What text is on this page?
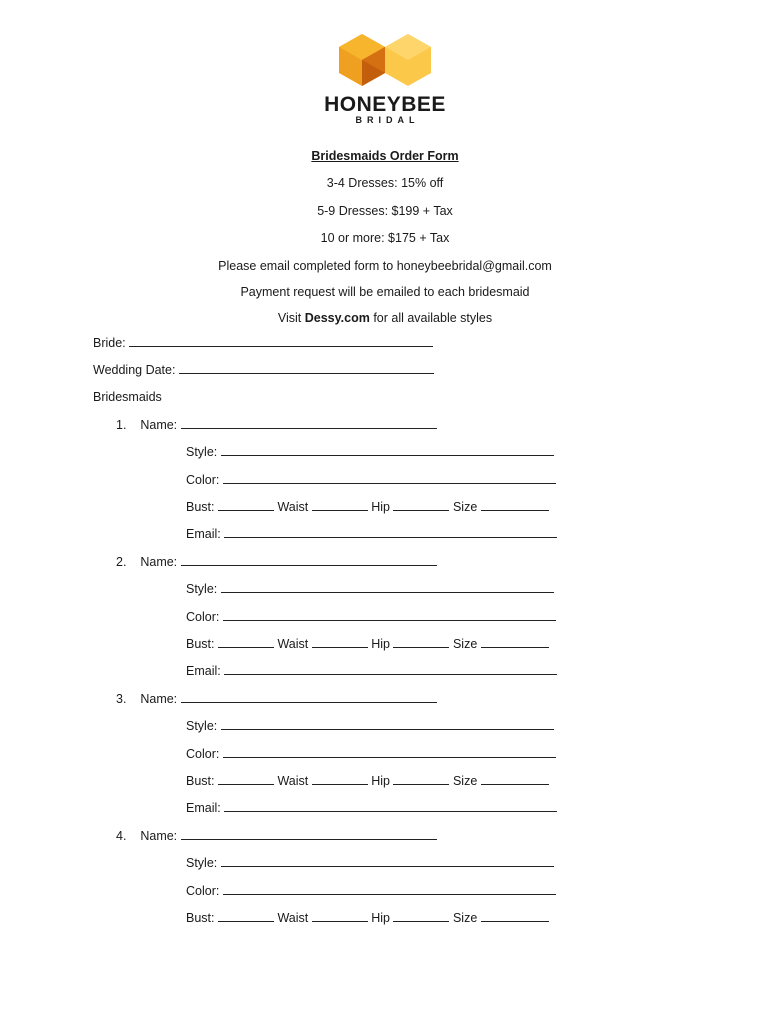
HONEYBEE
BRIDAL
Bridesmaids Order Form
3-4 Dresses: 15% off
5-9 Dresses: $199 + Tax
10 or more: $175 + Tax
Please email completed form to honeybeebridal@gmail.com
Payment request will be emailed to each bridesmaid
Visit Dessy.com for all available styles
Bride:
Wedding Date:
Bridesmaids
1. Name:
Style:
Color:
Bust:	Waist	Hip	Size
Email:
2. Name:
Style:
Color:
Bust:	Waist	Hip	Size
Email:
3. Name:
Style:
Color:
Bust:	Waist	Hip	Size
Email:
4. Name:
Style:
Color:
Bust:	Waist	Hip	Size
